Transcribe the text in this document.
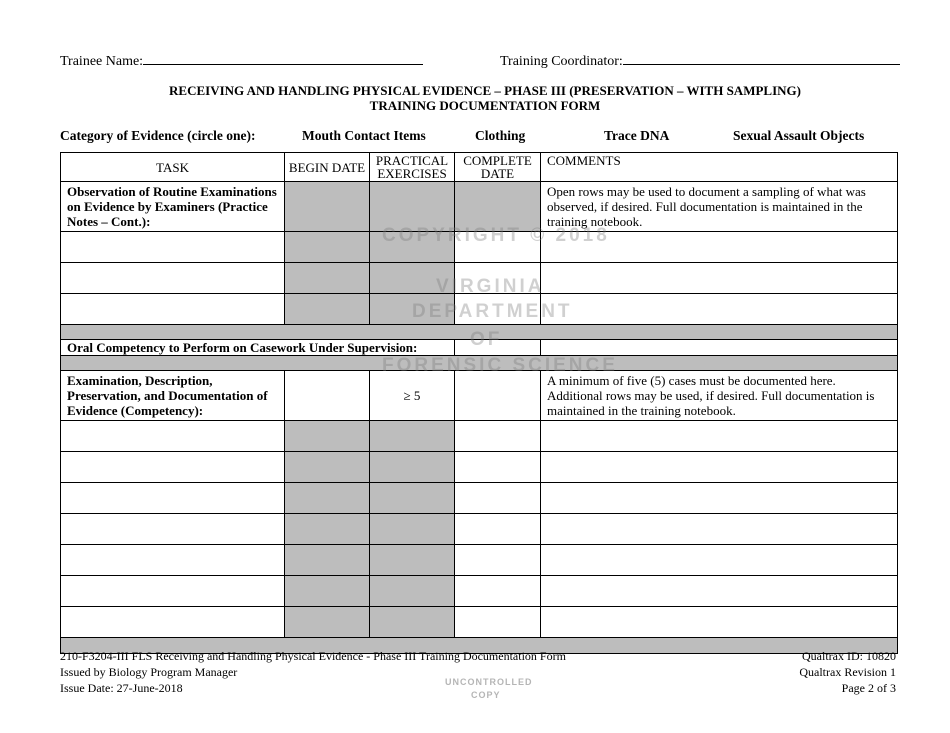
Trainee Name:	Training Coordinator:
RECEIVING AND HANDLING PHYSICAL EVIDENCE – PHASE III (PRESERVATION – WITH SAMPLING)
TRAINING DOCUMENTATION FORM
Category of Evidence (circle one):	Mouth Contact Items	Clothing	Trace DNA	Sexual Assault Objects
TASK	BEGIN DATE	PRACTICAL EXERCISES	COMPLETE DATE	COMMENTS
Observation of Routine Examinations on Evidence by Examiners (Practice Notes – Cont.):				Open rows may be used to document a sampling of what was observed, if desired. Full documentation is maintained in the training notebook.

Oral Competency to Perform on Casework Under Supervision:				

Examination, Description, Preservation, and Documentation of Evidence (Competency):		≥ 5		A minimum of five (5) cases must be documented here. Additional rows may be used, if desired. Full documentation is maintained in the training notebook.

COPYRIGHT © 2018
VIRGINIA
DEPARTMENT
OF
FORENSIC SCIENCE
210-F3204-III FLS Receiving and Handling Physical Evidence - Phase III Training Documentation Form
Issued by Biology Program Manager
Issue Date: 27-June-2018
Qualtrax ID: 10820
Qualtrax Revision 1
Page 2 of 3
UNCONTROLLED
COPY
